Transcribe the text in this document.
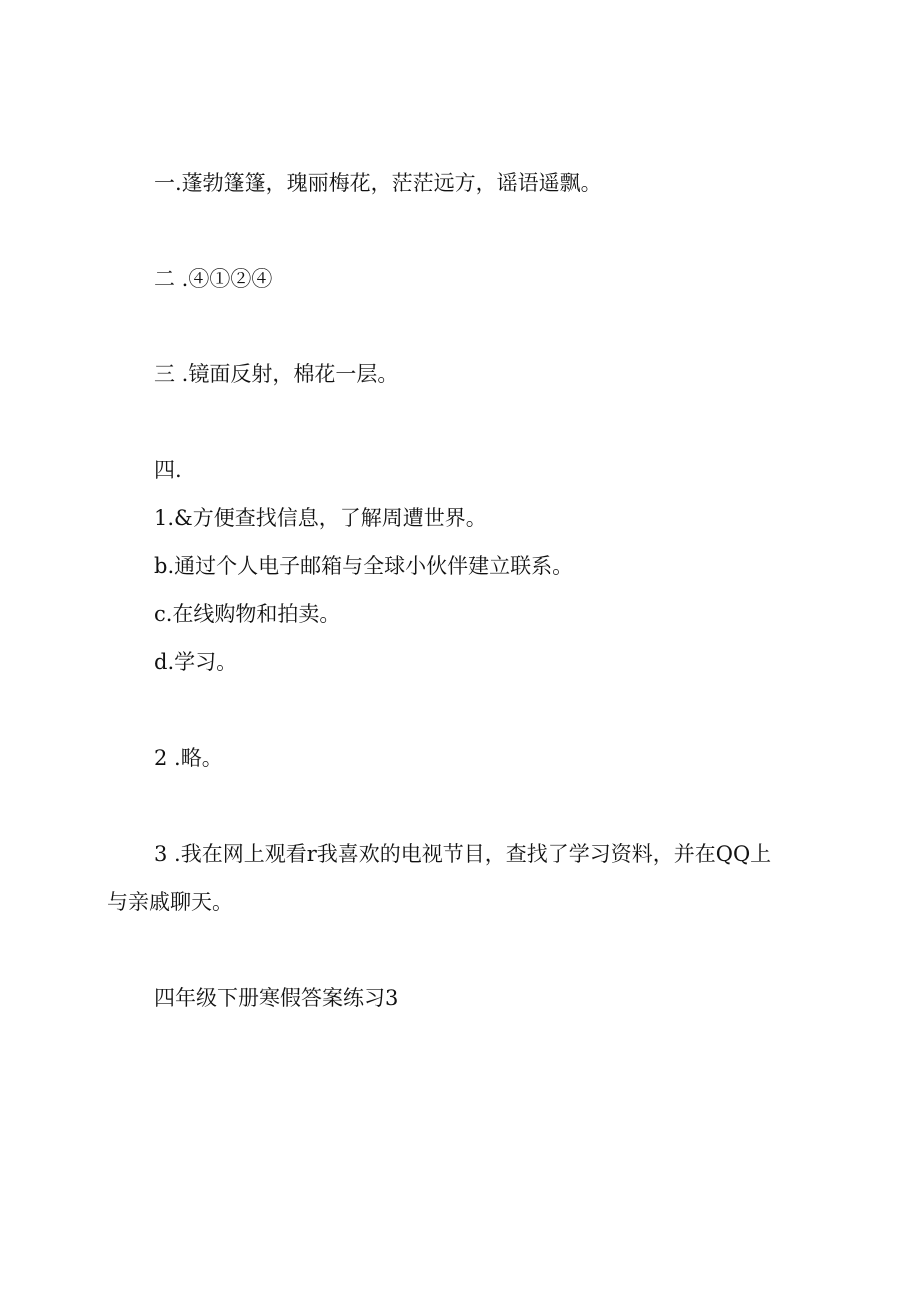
一.蓬勃篷篷，瑰丽梅花，茫茫远方，谣语遥飘。

二 .④①②④

三 .镜面反射，棉花一层。

四.

1.&方便查找信息，了解周遭世界。

b.通过个人电子邮箱与全球小伙伴建立联系。

c.在线购物和拍卖。

d.学习。

2 .略。

3 .我在网上观看r我喜欢的电视节目，查找了学习资料，并在QQ上

与亲戚聊天。

四年级下册寒假答案练习3
